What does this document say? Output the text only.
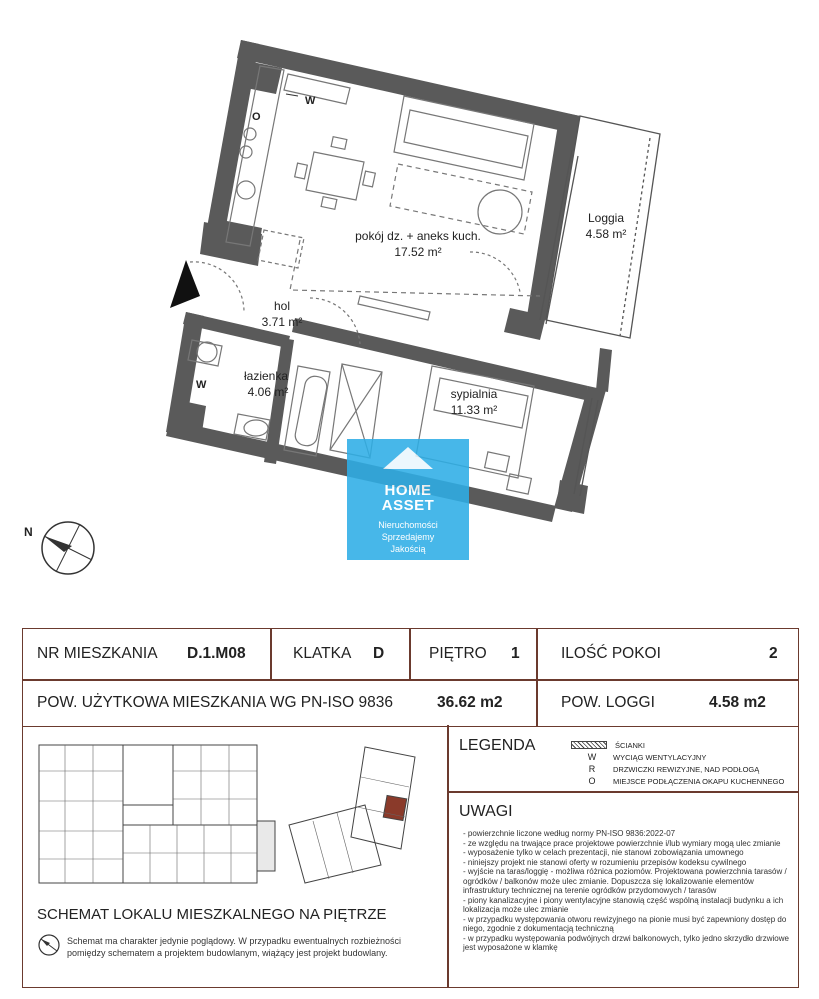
W
O
W
pokój dz. + aneks kuch.
17.52 m²
Loggia
4.58 m²
hol
3.71 m²
łazienka
4.06 m²	sypialnia
11.33 m²
N
HOME
ASSET
Nieruchomości
Sprzedajemy
Jakością
NR MIESZKANIA D.1.M08	KLATKA D	PIĘTRO 1	ILOŚĆ POKOI	2
POW. UŻYTKOWA MIESZKANIA WG PN-ISO 9836	36.62 m2	POW. LOGGI	4.58 m2
SCHEMAT LOKALU MIESZKALNEGO NA PIĘTRZE
Schemat ma charakter jedynie poglądowy. W przypadku ewentualnych rozbieżności pomiędzy schematem a projektem budowlanym, wiążący jest projekt budowlany.
LEGENDA	ŚCIANKI
W	WYCIĄG WENTYLACYJNY
R	DRZWICZKI REWIZYJNE, NAD PODŁOGĄ
O	MIEJSCE PODŁĄCZENIA OKAPU KUCHENNEGO
UWAGI
- powierzchnie liczone według normy PN-ISO 9836:2022-07
- ze względu na trwające prace projektowe powierzchnie i/lub wymiary mogą ulec zmianie
- wyposażenie tylko w celach prezentacji, nie stanowi zobowiązania umownego
- niniejszy projekt nie stanowi oferty w rozumieniu przepisów kodeksu cywilnego
- wyjście na taras/loggię - możliwa różnica poziomów. Projektowana powierzchnia tarasów / ogródków / balkonów może ulec zmianie. Dopuszcza się lokalizowanie elementów infrastruktury technicznej na terenie ogródków przydomowych / tarasów
- piony kanalizacyjne i piony wentylacyjne stanowią część wspólną instalacji budynku a ich lokalizacja może ulec zmianie
- w przypadku występowania otworu rewizyjnego na pionie musi być zapewniony dostęp do niego, zgodnie z dokumentacją techniczną
- w przypadku występowania podwójnych drzwi balkonowych, tylko jedno skrzydło drzwiowe jest wyposażone w klamkę
